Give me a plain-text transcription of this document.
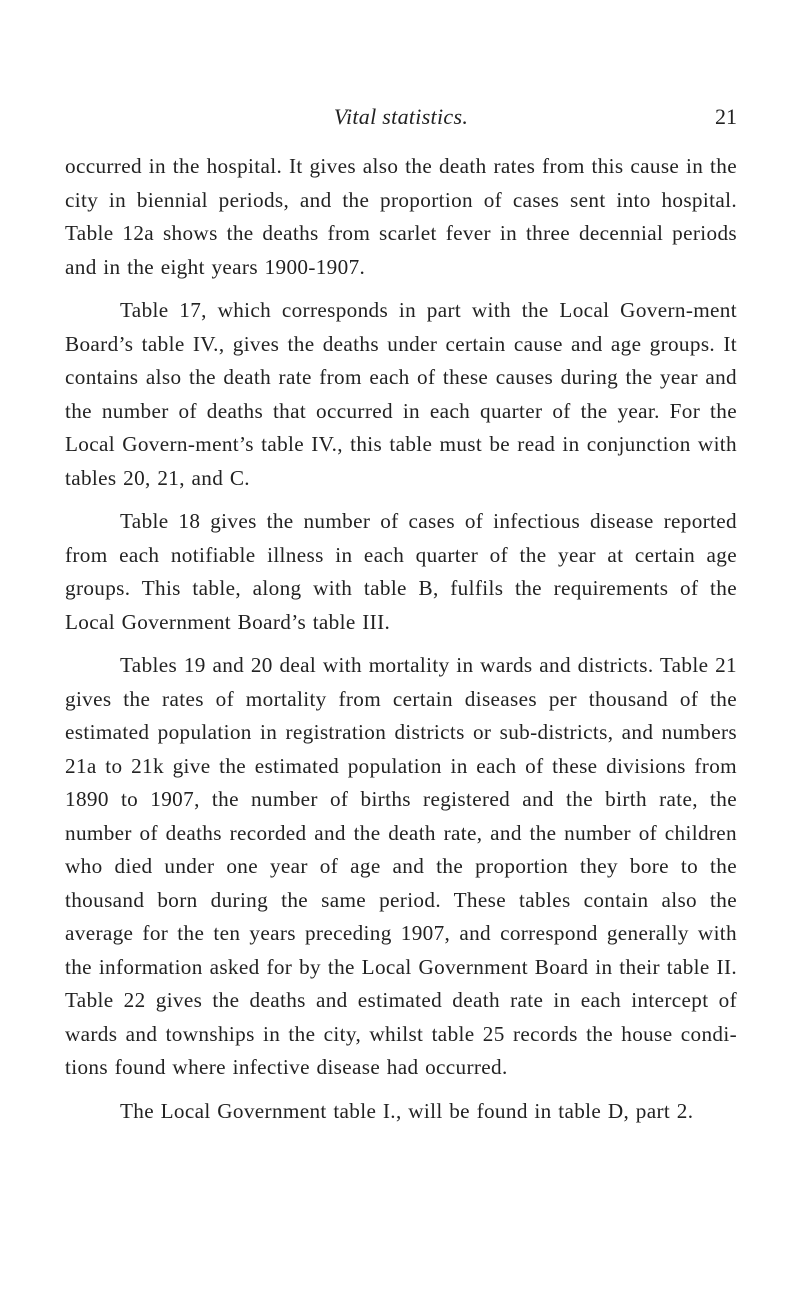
Vital statistics.	21

occurred in the hospital. It gives also the death rates from this cause in the city in biennial periods, and the proportion of cases sent into hospital. Table 12a shows the deaths from scarlet fever in three decennial periods and in the eight years 1900-1907.

Table 17, which corresponds in part with the Local Govern-ment Board’s table IV., gives the deaths under certain cause and age groups. It contains also the death rate from each of these causes during the year and the number of deaths that occurred in each quarter of the year. For the Local Govern-ment’s table IV., this table must be read in conjunction with tables 20, 21, and C.

Table 18 gives the number of cases of infectious disease reported from each notifiable illness in each quarter of the year at certain age groups. This table, along with table B, fulfils the requirements of the Local Government Board’s table III.

Tables 19 and 20 deal with mortality in wards and districts. Table 21 gives the rates of mortality from certain diseases per thousand of the estimated population in registration districts or sub-districts, and numbers 21a to 21k give the estimated population in each of these divisions from 1890 to 1907, the number of births registered and the birth rate, the number of deaths recorded and the death rate, and the number of children who died under one year of age and the proportion they bore to the thousand born during the same period. These tables contain also the average for the ten years preceding 1907, and correspond generally with the information asked for by the Local Government Board in their table II. Table 22 gives the deaths and estimated death rate in each intercept of wards and townships in the city, whilst table 25 records the house condi-tions found where infective disease had occurred.

The Local Government table I., will be found in table D, part 2.
